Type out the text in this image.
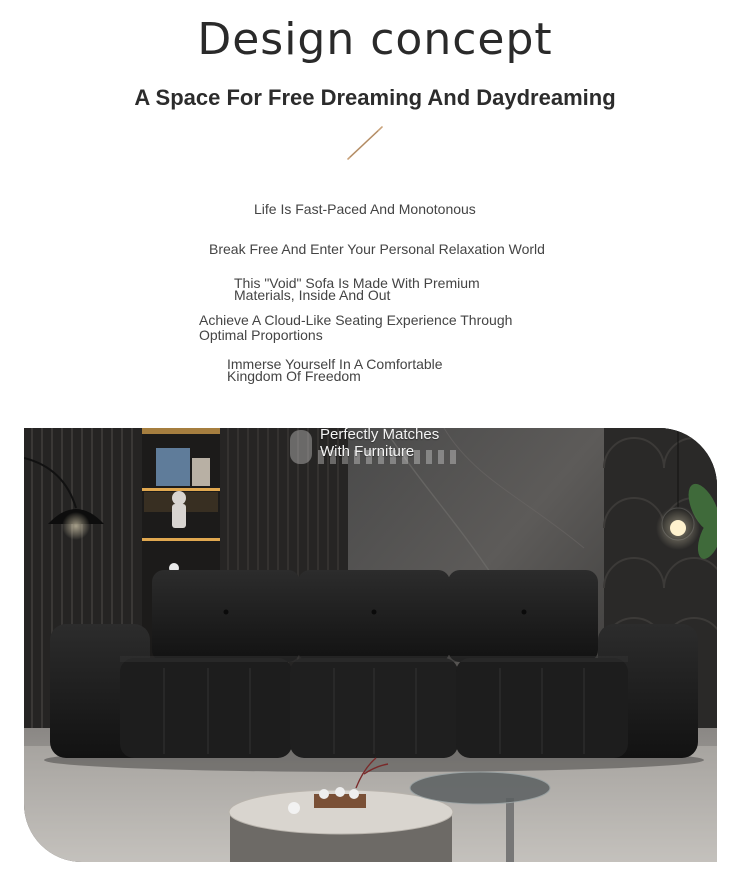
Design concept
A Space For Free Dreaming And Daydreaming
Life Is Fast-Paced And Monotonous
Break Free And Enter Your Personal Relaxation World
This "Void" Sofa Is Made With Premium
Materials, Inside And Out
Achieve A Cloud-Like Seating Experience Through
Optimal Proportions
Immerse Yourself In A Comfortable
Kingdom Of Freedom
Perfectly Matches
With Furniture
